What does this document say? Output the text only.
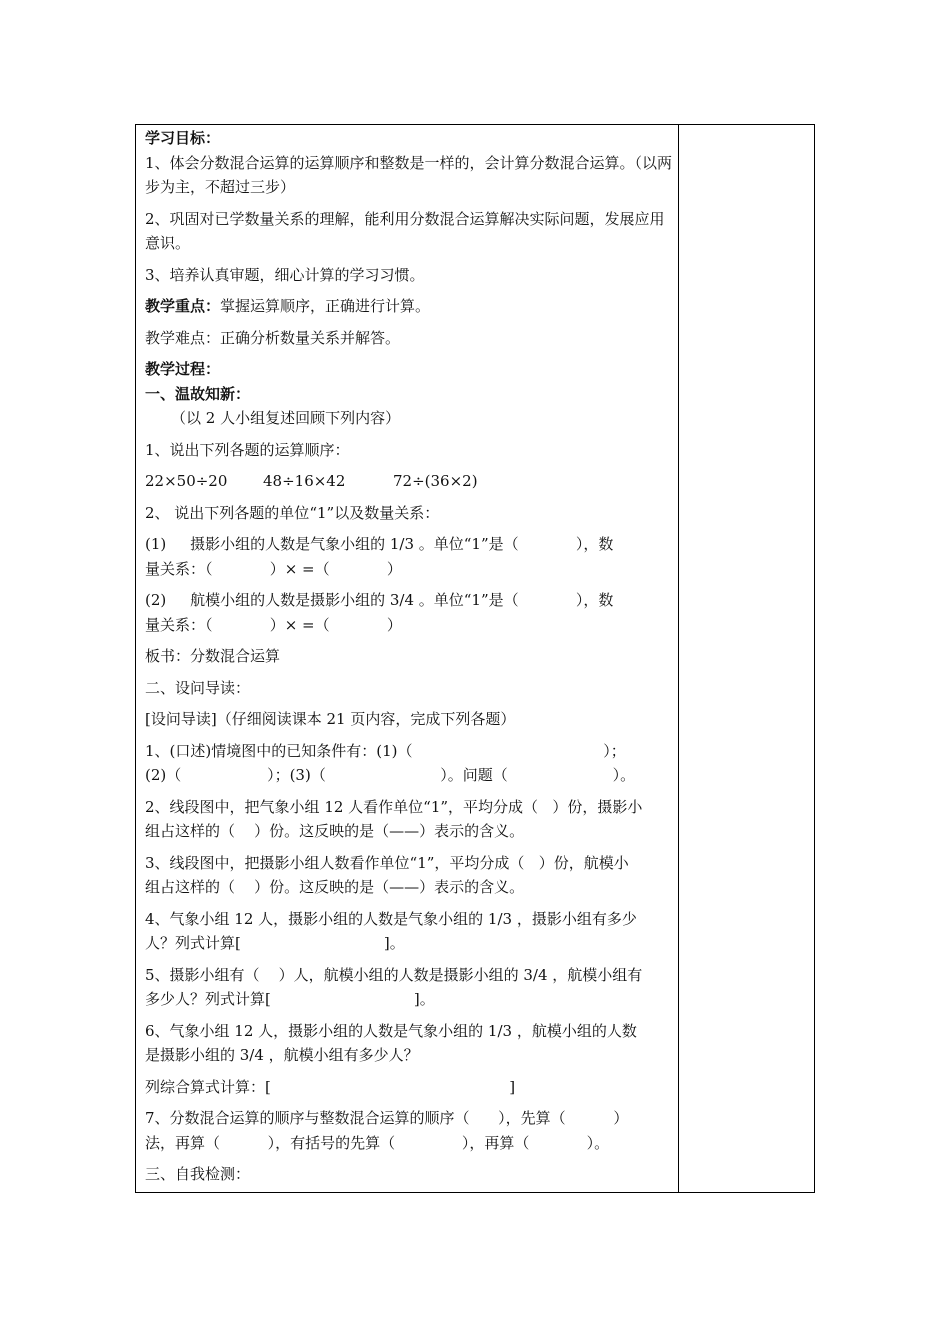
学习目标：

1、体会分数混合运算的运算顺序和整数是一样的，会计算分数混合运算。（以两步为主，不超过三步）

2、巩固对已学数量关系的理解，能利用分数混合运算解决实际问题，发展应用意识。

3、培养认真审题，细心计算的学习习惯。

教学重点：掌握运算顺序，正确进行计算。

教学难点：正确分析数量关系并解答。

教学过程：

一、温故知新：

（以 2 人小组复述回顾下列内容）

1、说出下列各题的运算顺序：

22×50÷20 48÷16×42	72÷(36×2)

2、 说出下列各题的单位“1”以及数量关系：

(1)     摄影小组的人数是气象小组的 1/3 。单位“1”是（            ），数

量关系：（            ）× =（            ）

(2)     航模小组的人数是摄影小组的 3/4 。单位“1”是（            ），数

量关系：（            ）× =（            ）

板书：分数混合运算

二、设问导读：

[设问导读]（仔细阅读课本 21 页内容，完成下列各题）

1、(口述)情境图中的已知条件有：(1)（                                        ）；

(2)（                  ）；(3)（                        ）。问题（                      ）。

2、线段图中，把气象小组 12 人看作单位“1”，平均分成（   ）份，摄影小

组占这样的（    ）份。这反映的是（——）表示的含义。

3、线段图中，把摄影小组人数看作单位“1”，平均分成（   ）份，航模小

组占这样的（    ）份。这反映的是（——）表示的含义。

4、气象小组 12 人，摄影小组的人数是气象小组的 1/3 ，摄影小组有多少

人？列式计算[                              ]。

5、摄影小组有（    ）人，航模小组的人数是摄影小组的 3/4 ，航模小组有

多少人？列式计算[                              ]。

6、气象小组 12 人，摄影小组的人数是气象小组的 1/3 ，航模小组的人数

是摄影小组的 3/4 ，航模小组有多少人？

列综合算式计算：[                                                  ]

7、分数混合运算的顺序与整数混合运算的顺序（      ），先算（          ）

法，再算（          ），有括号的先算（              ），再算（            ）。

三、自我检测：
